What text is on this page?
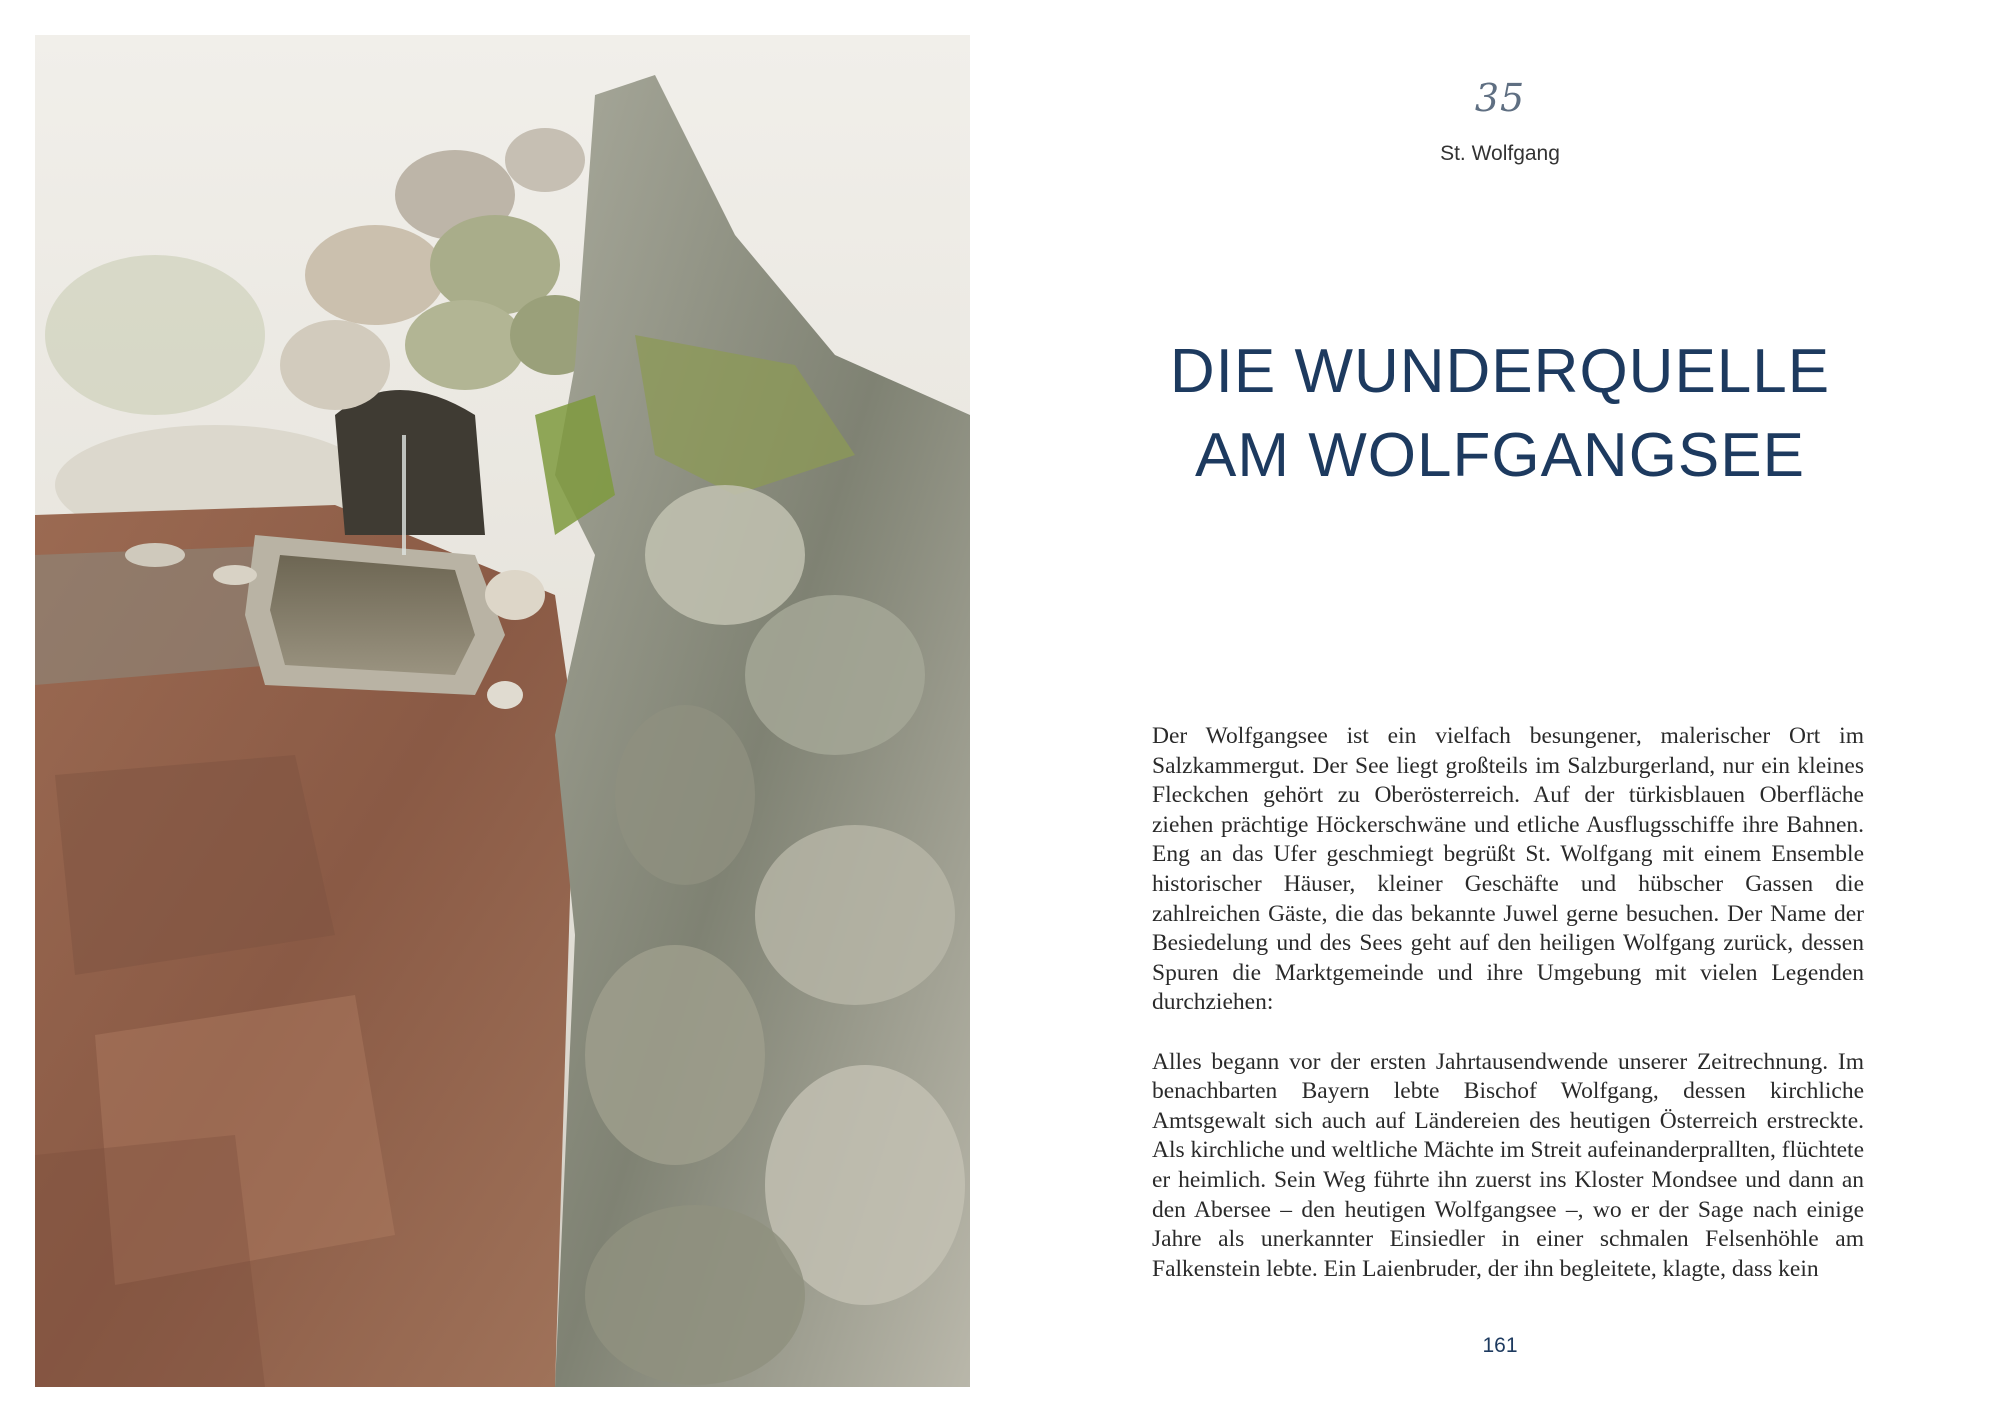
35
St. Wolfgang
DIE WUNDERQUELLE
AM WOLFGANGSEE

Der Wolfgangsee ist ein vielfach besungener, malerischer Ort im Salzkammergut. Der See liegt großteils im Salzburgerland, nur ein kleines Fleckchen gehört zu Oberösterreich. Auf der türkisblauen Oberfläche ziehen prächtige Höckerschwäne und etliche Ausflugsschiffe ihre Bahnen. Eng an das Ufer geschmiegt begrüßt St. Wolfgang mit einem Ensemble historischer Häuser, kleiner Geschäfte und hübscher Gassen die zahlreichen Gäste, die das bekannte Juwel gerne besuchen. Der Name der Besiedelung und des Sees geht auf den heiligen Wolfgang zurück, dessen Spuren die Marktgemeinde und ihre Umgebung mit vielen Legenden durchziehen:

Alles begann vor der ersten Jahrtausendwende unserer Zeitrechnung. Im benachbarten Bayern lebte Bischof Wolfgang, dessen kirchliche Amtsgewalt sich auch auf Ländereien des heutigen Österreich erstreckte. Als kirchliche und weltliche Mächte im Streit aufeinanderprallten, flüchtete er heimlich. Sein Weg führte ihn zuerst ins Kloster Mondsee und dann an den Abersee – den heutigen Wolfgangsee –, wo er der Sage nach einige Jahre als unerkannter Einsiedler in einer schmalen Felsenhöhle am Falkenstein lebte. Ein Laienbruder, der ihn begleitete, klagte, dass kein

161
